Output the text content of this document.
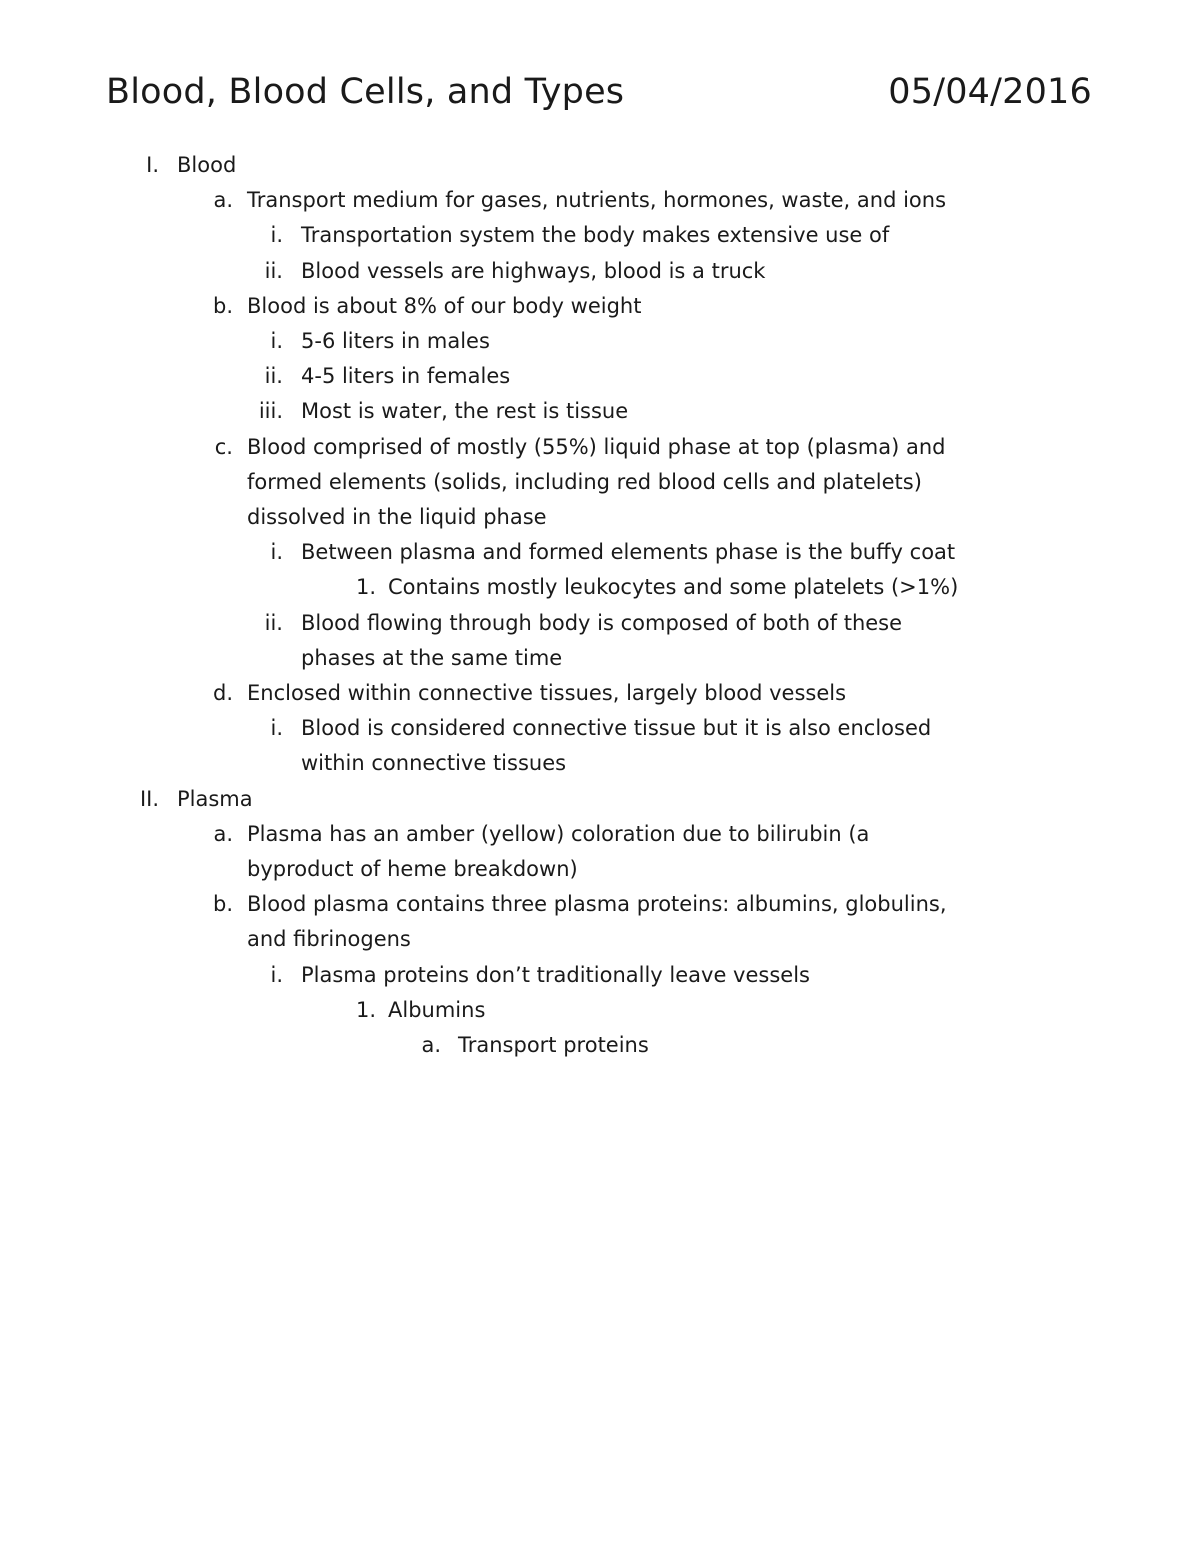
Blood, Blood Cells, and Types	05/04/2016
I. Blood
a. Transport medium for gases, nutrients, hormones, waste, and ions
i. Transportation system the body makes extensive use of
ii. Blood vessels are highways, blood is a truck
b. Blood is about 8% of our body weight
i. 5-6 liters in males
ii. 4-5 liters in females
iii. Most is water, the rest is tissue
c. Blood comprised of mostly (55%) liquid phase at top (plasma) and
formed elements (solids, including red blood cells and platelets)
dissolved in the liquid phase
i. Between plasma and formed elements phase is the buffy coat
1. Contains mostly leukocytes and some platelets (>1%)
ii. Blood flowing through body is composed of both of these
phases at the same time
d. Enclosed within connective tissues, largely blood vessels
i. Blood is considered connective tissue but it is also enclosed
within connective tissues
II. Plasma
a. Plasma has an amber (yellow) coloration due to bilirubin (a
byproduct of heme breakdown)
b. Blood plasma contains three plasma proteins: albumins, globulins,
and fibrinogens
i. Plasma proteins don’t traditionally leave vessels
1. Albumins
a. Transport proteins
